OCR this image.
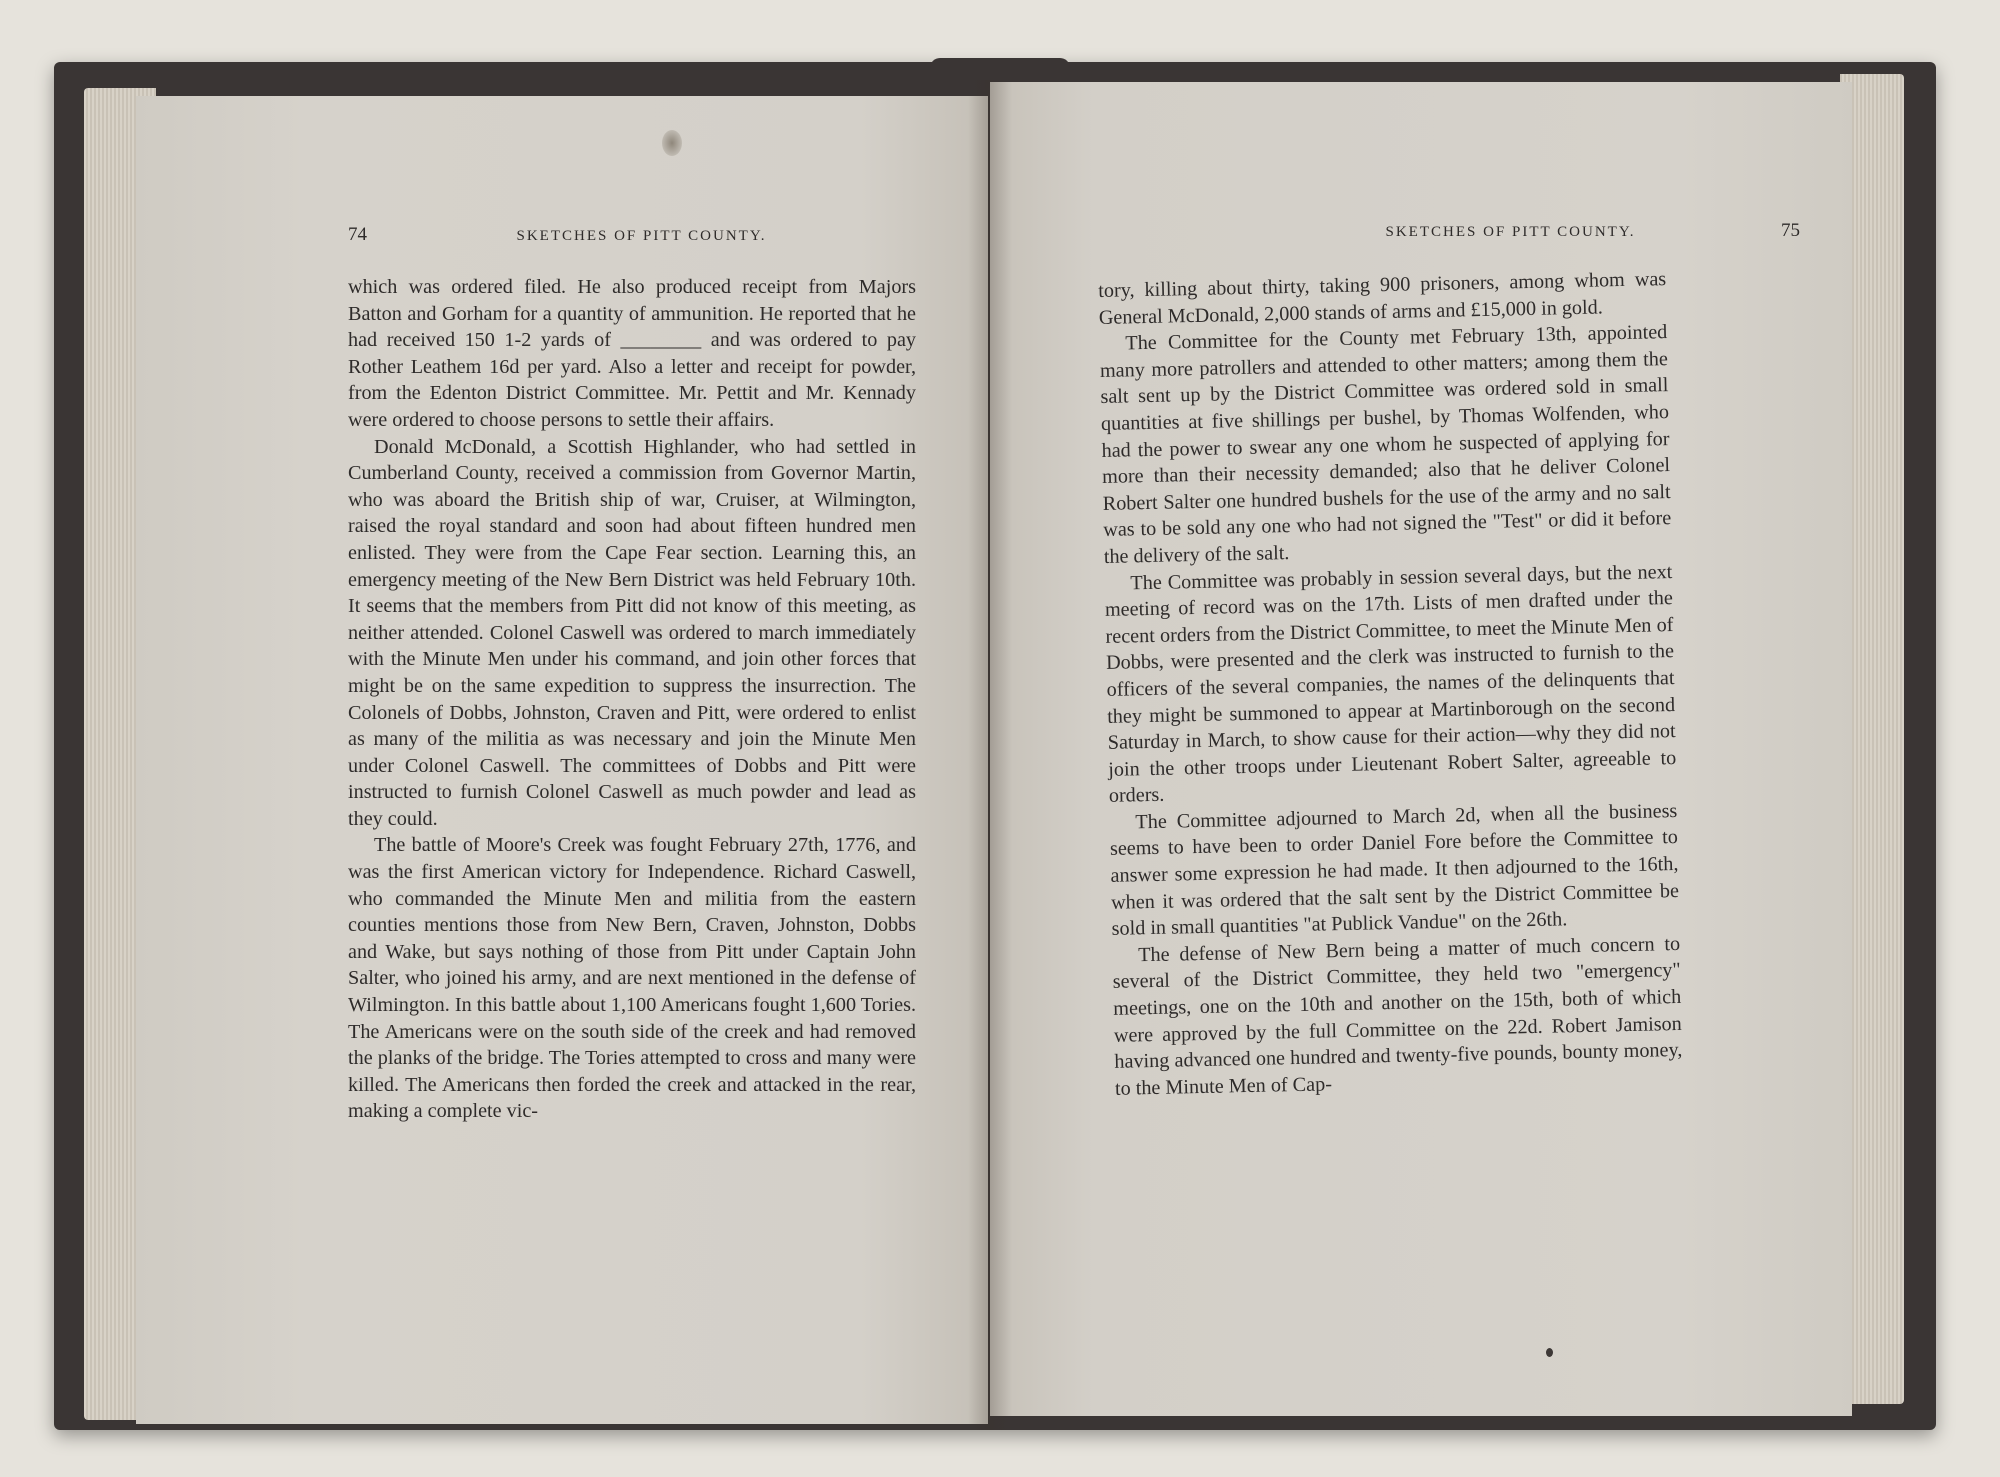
74	SKETCHES OF PITT COUNTY.

which was ordered filed. He also produced receipt from Majors Batton and Gorham for a quantity of ammunition. He reported that he had received 150 1-2 yards of ________ and was ordered to pay Rother Leathem 16d per yard. Also a letter and receipt for powder, from the Edenton District Committee. Mr. Pettit and Mr. Kennady were ordered to choose persons to settle their affairs.

Donald McDonald, a Scottish Highlander, who had settled in Cumberland County, received a commission from Governor Martin, who was aboard the British ship of war, Cruiser, at Wilmington, raised the royal standard and soon had about fifteen hundred men enlisted. They were from the Cape Fear section. Learning this, an emergency meeting of the New Bern District was held February 10th. It seems that the members from Pitt did not know of this meeting, as neither attended. Colonel Caswell was ordered to march immediately with the Minute Men under his command, and join other forces that might be on the same expedition to suppress the insurrection. The Colonels of Dobbs, Johnston, Craven and Pitt, were ordered to enlist as many of the militia as was necessary and join the Minute Men under Colonel Caswell. The committees of Dobbs and Pitt were instructed to furnish Colonel Caswell as much powder and lead as they could.

The battle of Moore's Creek was fought February 27th, 1776, and was the first American victory for Independence. Richard Caswell, who commanded the Minute Men and militia from the eastern counties mentions those from New Bern, Craven, Johnston, Dobbs and Wake, but says nothing of those from Pitt under Captain John Salter, who joined his army, and are next mentioned in the defense of Wilmington. In this battle about 1,100 Americans fought 1,600 Tories. The Americans were on the south side of the creek and had removed the planks of the bridge. The Tories attempted to cross and many were killed. The Americans then forded the creek and attacked in the rear, making a complete vic-

SKETCHES OF PITT COUNTY.	75

tory, killing about thirty, taking 900 prisoners, among whom was General McDonald, 2,000 stands of arms and £15,000 in gold.

The Committee for the County met February 13th, appointed many more patrollers and attended to other matters; among them the salt sent up by the District Committee was ordered sold in small quantities at five shillings per bushel, by Thomas Wolfenden, who had the power to swear any one whom he suspected of applying for more than their necessity demanded; also that he deliver Colonel Robert Salter one hundred bushels for the use of the army and no salt was to be sold any one who had not signed the "Test" or did it before the delivery of the salt.

The Committee was probably in session several days, but the next meeting of record was on the 17th. Lists of men drafted under the recent orders from the District Committee, to meet the Minute Men of Dobbs, were presented and the clerk was instructed to furnish to the officers of the several companies, the names of the delinquents that they might be summoned to appear at Martinborough on the second Saturday in March, to show cause for their action—why they did not join the other troops under Lieutenant Robert Salter, agreeable to orders.

The Committee adjourned to March 2d, when all the business seems to have been to order Daniel Fore before the Committee to answer some expression he had made. It then adjourned to the 16th, when it was ordered that the salt sent by the District Committee be sold in small quantities "at Publick Vandue" on the 26th.

The defense of New Bern being a matter of much concern to several of the District Committee, they held two "emergency" meetings, one on the 10th and another on the 15th, both of which were approved by the full Committee on the 22d. Robert Jamison having advanced one hundred and twenty-five pounds, bounty money, to the Minute Men of Cap-
